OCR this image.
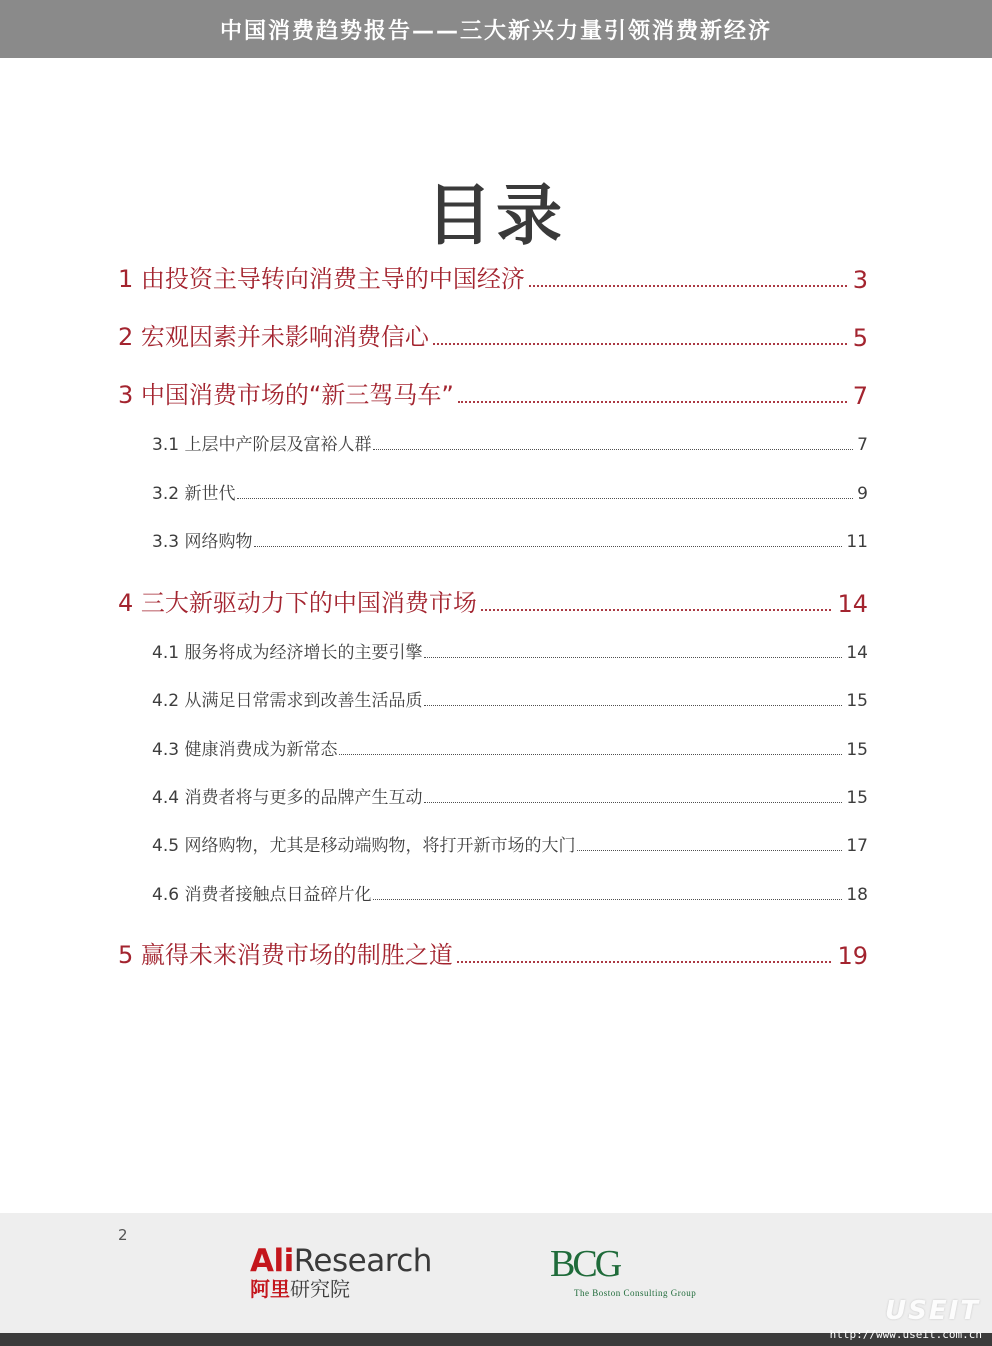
中国消费趋势报告——三大新兴力量引领消费新经济
目录
1 由投资主导转向消费主导的中国经济	3
2 宏观因素并未影响消费信心	5
3 中国消费市场的“新三驾马车”	7
3.1 上层中产阶层及富裕人群	7
3.2 新世代	9
3.3 网络购物	11
4 三大新驱动力下的中国消费市场	14
4.1 服务将成为经济增长的主要引擎	14
4.2 从满足日常需求到改善生活品质	15
4.3 健康消费成为新常态	15
4.4 消费者将与更多的品牌产生互动	15
4.5 网络购物，尤其是移动端购物，将打开新市场的大门	17
4.6 消费者接触点日益碎片化	18
5 赢得未来消费市场的制胜之道	19
2
AliResearch
阿里研究院
BCG
The Boston Consulting Group
USEIT
http://www.useit.com.cn
